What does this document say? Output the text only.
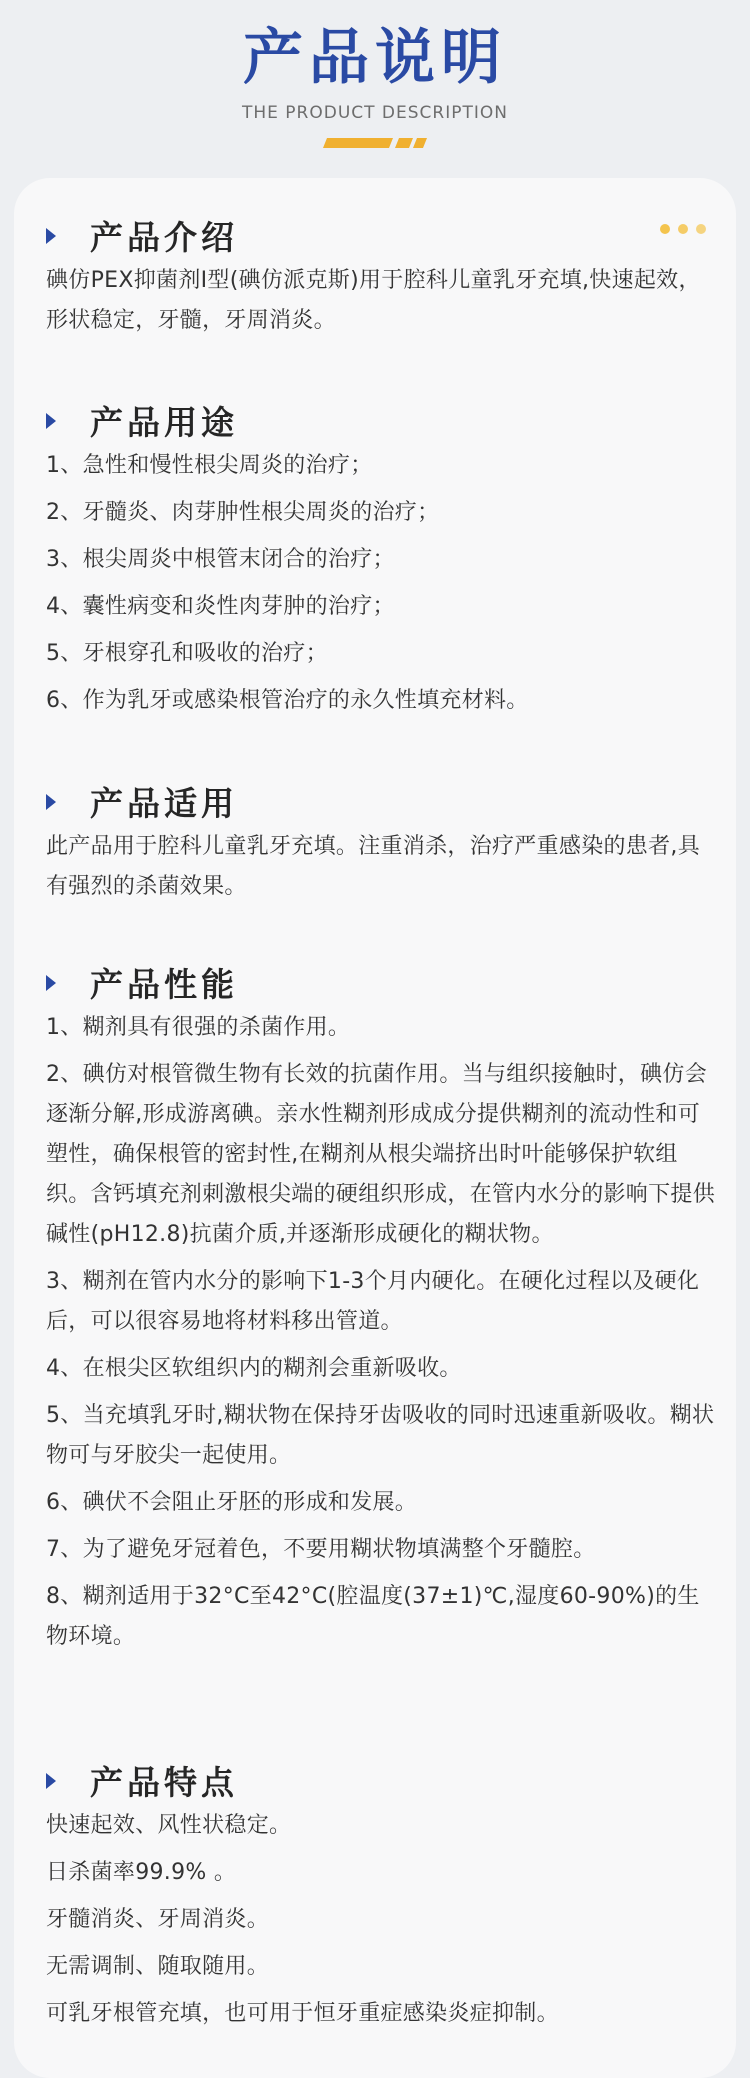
产品说明
THE PRODUCT DESCRIPTION
产品介绍

碘仿PEX抑菌剂Ⅰ型(碘仿派克斯)用于腔科儿童乳牙充填,快速起效，形状稳定，牙髓，牙周消炎。

产品用途
1、急性和慢性根尖周炎的治疗；
2、牙髓炎、肉芽肿性根尖周炎的治疗；
3、根尖周炎中根管末闭合的治疗；
4、囊性病变和炎性肉芽肿的治疗；
5、牙根穿孔和吸收的治疗；
6、作为乳牙或感染根管治疗的永久性填充材料。
产品适用

此产品用于腔科儿童乳牙充填。注重消杀，治疗严重感染的患者,具有强烈的杀菌效果。

产品性能
1、糊剂具有很强的杀菌作用。
2、碘仿对根管微生物有长效的抗菌作用。当与组织接触时，碘仿会逐渐分解,形成游离碘。亲水性糊剂形成成分提供糊剂的流动性和可塑性，确保根管的密封性,在糊剂从根尖端挤出时叶能够保护软组织。含钙填充剂刺激根尖端的硬组织形成，在管内水分的影响下提供碱性(pH12.8)抗菌介质,并逐渐形成硬化的糊状物。
3、糊剂在管内水分的影响下1-3个月内硬化。在硬化过程以及硬化后，可以很容易地将材料移出管道。
4、在根尖区软组织内的糊剂会重新吸收。
5、当充填乳牙时,糊状物在保持牙齿吸收的同时迅速重新吸收。糊状物可与牙胶尖一起使用。
6、碘伏不会阻止牙胚的形成和发展。
7、为了避免牙冠着色，不要用糊状物填满整个牙髓腔。
8、糊剂适用于32°C至42°C(腔温度(37±1)℃,湿度60-90%)的生物环境。
产品特点
快速起效、风性状稳定。
日杀菌率99.9% 。
牙髓消炎、牙周消炎。
无需调制、随取随用。
可乳牙根管充填，也可用于恒牙重症感染炎症抑制。
